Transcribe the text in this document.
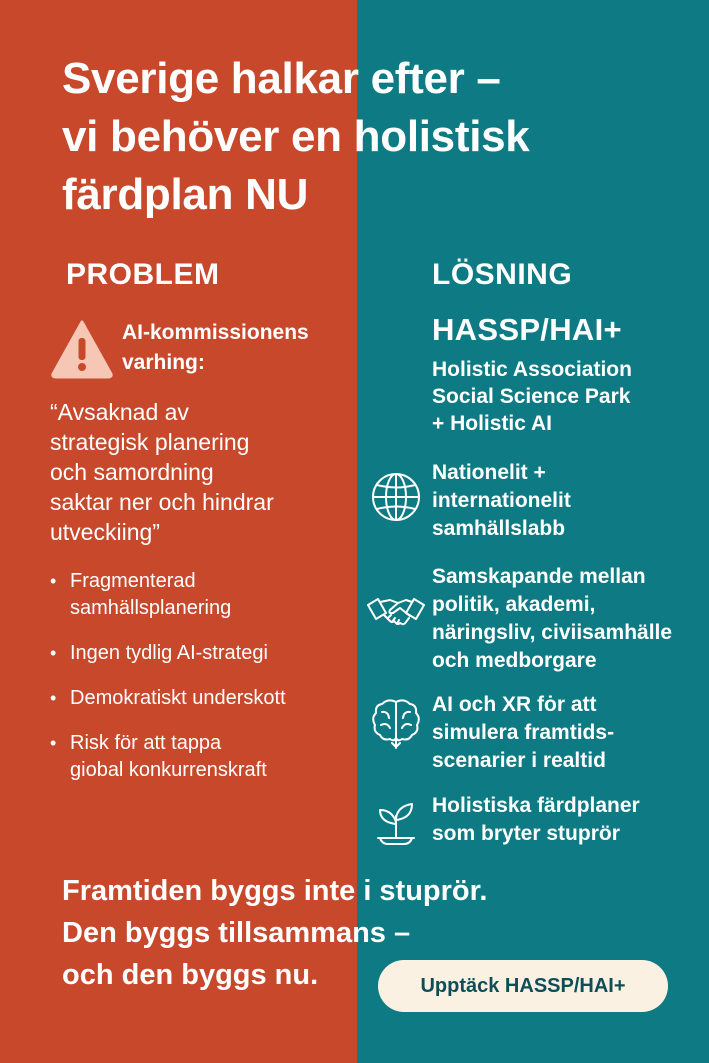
Sverige halkar efter –
vi behöver en holistisk
färdplan NU
PROBLEM	LÖSNING
AI-kommissionens
varhing:
“Avsaknad av
strategisk planering
och samordning
saktar ner och hindrar
utveckiing”
• Fragmenterad
samhällsplanering
• Ingen tydlig AI-strategi
• Demokratiskt underskott
• Risk för att tappa
giobal konkurrenskraft
HASSP/HAI+
Holistic Association
Social Science Park
+ Holistic AI
Nationelit +
internationelit
samhällslabb
Samskapande mellan
politik, akademi,
näringsliv, civiisamhälle
och medborgare
AI och XR fȯr att
simulera framtids-
scenarier i realtid
Holistiska färdplaner
som bryter stuprör
Framtiden byggs inte i stuprör.
Den byggs tillsammans –
och den byggs nu.	Upptäck HASSP/HAI+
